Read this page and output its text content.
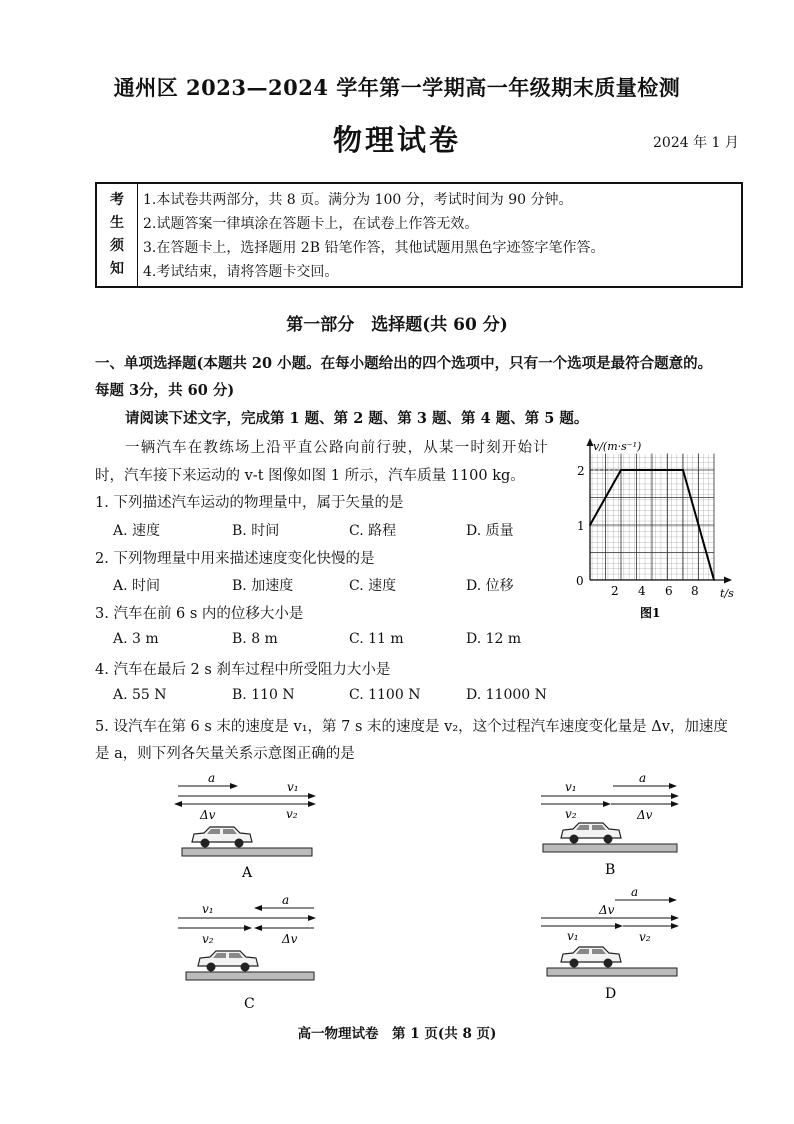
通州区 2023—2024 学年第一学期高一年级期末质量检测
物理试卷	2024 年 1 月
考
生
须
知
1.本试卷共两部分，共 8 页。满分为 100 分，考试时间为 90 分钟。
2.试题答案一律填涂在答题卡上，在试卷上作答无效。
3.在答题卡上，选择题用 2B 铅笔作答，其他试题用黑色字迹签字笔作答。
4.考试结束，请将答题卡交回。
第一部分　选择题(共 60 分)
一、单项选择题(本题共 20 小题。在每小题给出的四个选项中，只有一个选项是最符合题意的。
每题 3分，共 60 分)
请阅读下述文字，完成第 1 题、第 2 题、第 3 题、第 4 题、第 5 题。
一辆汽车在教练场上沿平直公路向前行驶，从某一时刻开始计
时，汽车接下来运动的 v-t 图像如图 1 所示，汽车质量 1100 kg。
1. 下列描述汽车运动的物理量中，属于矢量的是
A. 速度	B. 时间	C. 路程	D. 质量
2. 下列物理量中用来描述速度变化快慢的是
A. 时间	B. 加速度	C. 速度	D. 位移
3. 汽车在前 6 s 内的位移大小是
A. 3 m	B. 8 m	C. 11 m	D. 12 m
4. 汽车在最后 2 s 刹车过程中所受阻力大小是
A. 55 N	B. 110 N	C. 1100 N	D. 11000 N
5. 设汽车在第 6 s 末的速度是 v₁，第 7 s 末的速度是 v₂，这个过程汽车速度变化量是 Δv，加速度
是 a，则下列各矢量关系示意图正确的是
v/(m·s⁻¹)
t/s
0
1
2
2 4 6 8
图1
a
v₁
Δv	v₂
A
a
v₁
v₂	Δv
B
a
v₁
v₂	Δv
C
a
Δv
v₁	v₂
D
高一物理试卷　第 1 页(共 8 页)
